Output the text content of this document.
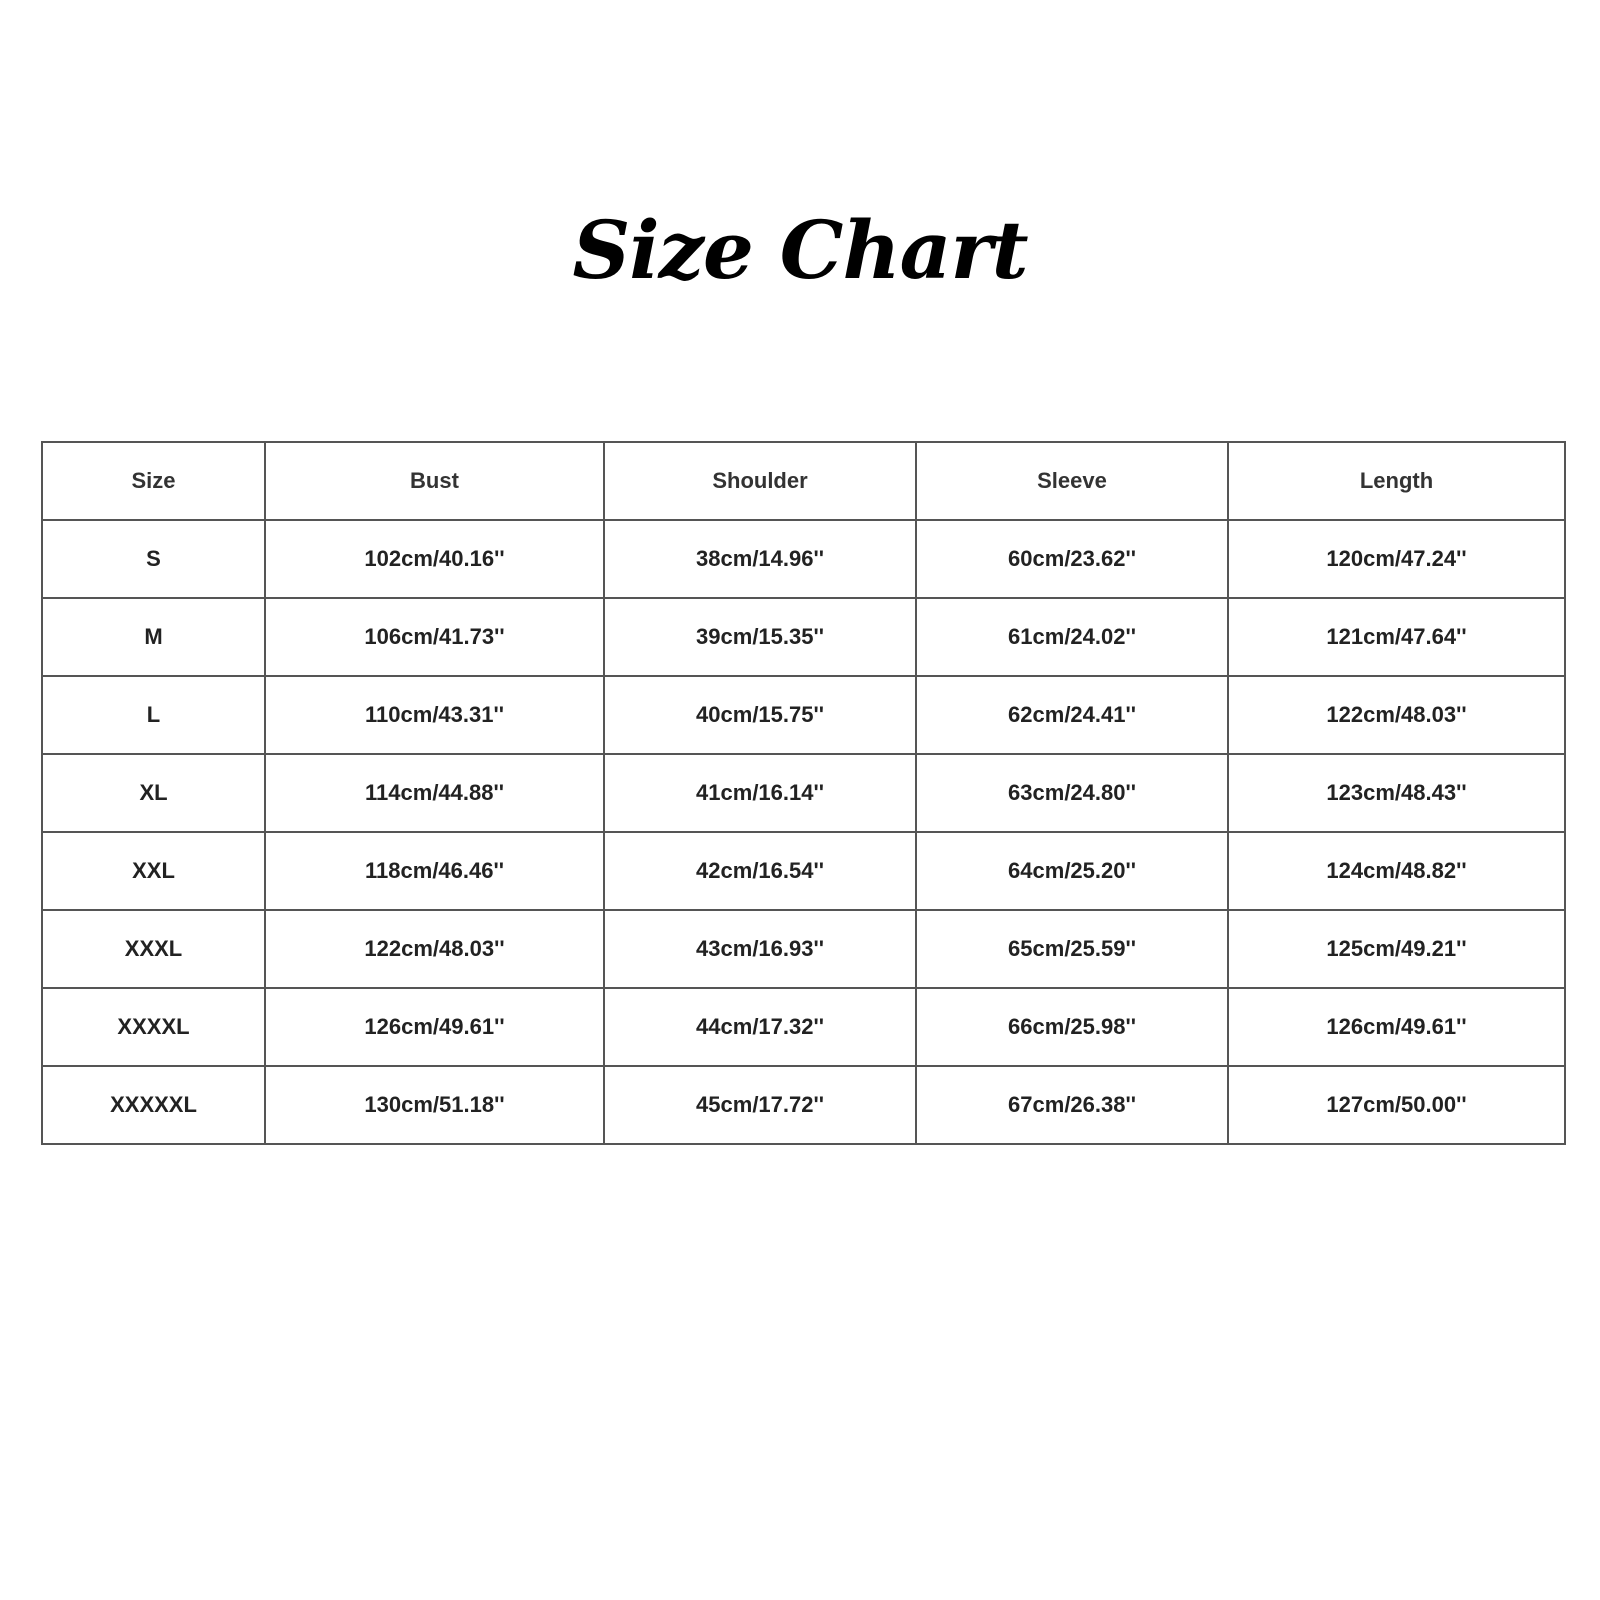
Size Chart
Size	Bust	Shoulder	Sleeve	Length
S	102cm/40.16''	38cm/14.96''	60cm/23.62''	120cm/47.24''
M	106cm/41.73''	39cm/15.35''	61cm/24.02''	121cm/47.64''
L	110cm/43.31''	40cm/15.75''	62cm/24.41''	122cm/48.03''
XL	114cm/44.88''	41cm/16.14''	63cm/24.80''	123cm/48.43''
XXL	118cm/46.46''	42cm/16.54''	64cm/25.20''	124cm/48.82''
XXXL	122cm/48.03''	43cm/16.93''	65cm/25.59''	125cm/49.21''
XXXXL	126cm/49.61''	44cm/17.32''	66cm/25.98''	126cm/49.61''
XXXXXL	130cm/51.18''	45cm/17.72''	67cm/26.38''	127cm/50.00''
